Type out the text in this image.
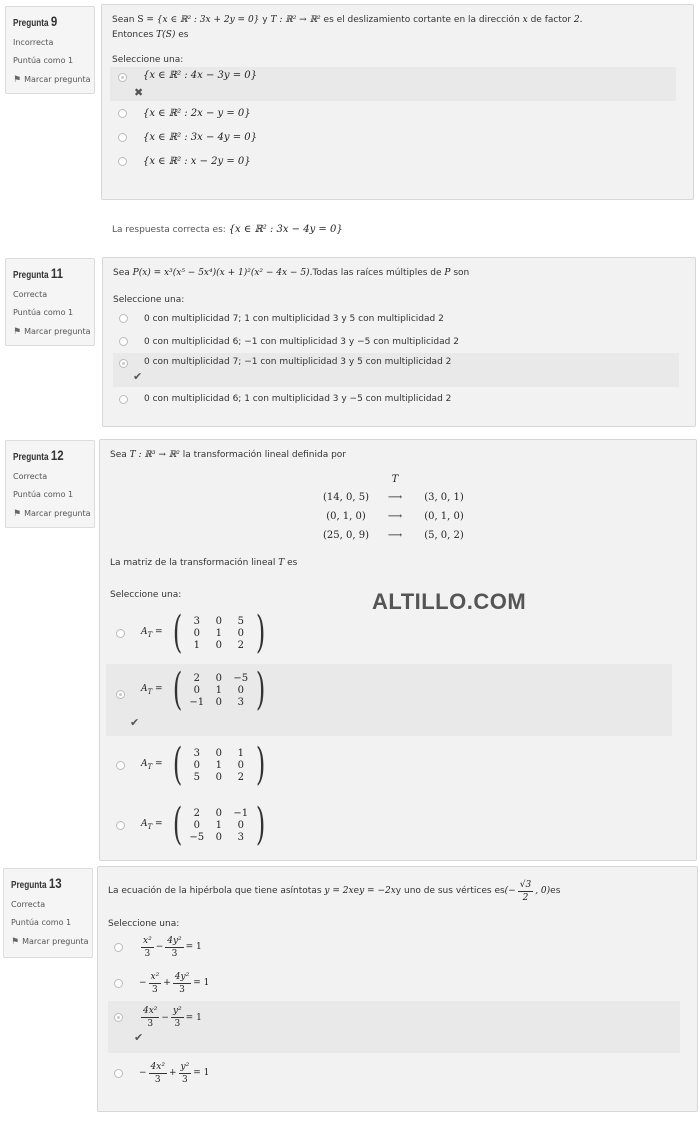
Pregunta 9
Incorrecta
Puntúa como 1
⚑ Marcar pregunta
Sean S = {x ∈ ℝ² : 3x + 2y = 0} y T : ℝ² → ℝ² es el deslizamiento cortante en la dirección x de factor 2.
Entonces T(S) es
Seleccione una:
{x ∈ ℝ² : 4x − 3y = 0}
✖
{x ∈ ℝ² : 2x − y = 0}
{x ∈ ℝ² : 3x − 4y = 0}
{x ∈ ℝ² : x − 2y = 0}
La respuesta correcta es: {x ∈ ℝ² : 3x − 4y = 0}
Pregunta 11
Correcta
Puntúa como 1
⚑ Marcar pregunta
Sea P(x) = x³(x⁵ − 5x⁴)(x + 1)²(x² − 4x − 5).Todas las raíces múltiples de P son
Seleccione una:
0 con multiplicidad 7; 1 con multiplicidad 3 y 5 con multiplicidad 2
0 con multiplicidad 6; −1 con multiplicidad 3 y −5 con multiplicidad 2
0 con multiplicidad 7; −1 con multiplicidad 3 y 5 con multiplicidad 2
✔
0 con multiplicidad 6; 1 con multiplicidad 3 y −5 con multiplicidad 2
Pregunta 12
Correcta
Puntúa como 1
⚑ Marcar pregunta
Sea T : ℝ³ → ℝ² la transformación lineal definida por
La matriz de la transformación lineal T es
Seleccione una:
$A_T$ = (	3	0	5
0	1	0
1	0	2 )
$A_T$ = (	2	0	−5
0	1	0
−1	0	3 )
✔
$A_T$ = (	3	0	1
0	1	0
5	0	2 )
$A_T$ = (	2	0	−1
0	1	0
−5	0	3 )
T
(14, 0, 5)	⟶	(3, 0, 1)
(0, 1, 0)	⟶	(0, 1, 0)
(25, 0, 9)	⟶	(5, 0, 2)
ALTILLO.COM
Pregunta 13
Correcta
Puntúa como 1
⚑ Marcar pregunta
La ecuación de la hipérbola que tiene asíntotas
y = 2x e y = −2x y uno de sus vértices es (− $\frac{√3}{2}$ , 0) es
Seleccione una:
$\frac{\text{x²}}{3} - \frac{\text{4y²}}{3} = 1$
− $\frac{\text{x²}}{3} + \frac{\text{4y²}}{3} = 1$
$\frac{\text{4x²}}{3} - \frac{\text{y²}}{3} = 1$
✔
− $\frac{\text{4x²}}{3} + \frac{\text{y²}}{3} = 1$
